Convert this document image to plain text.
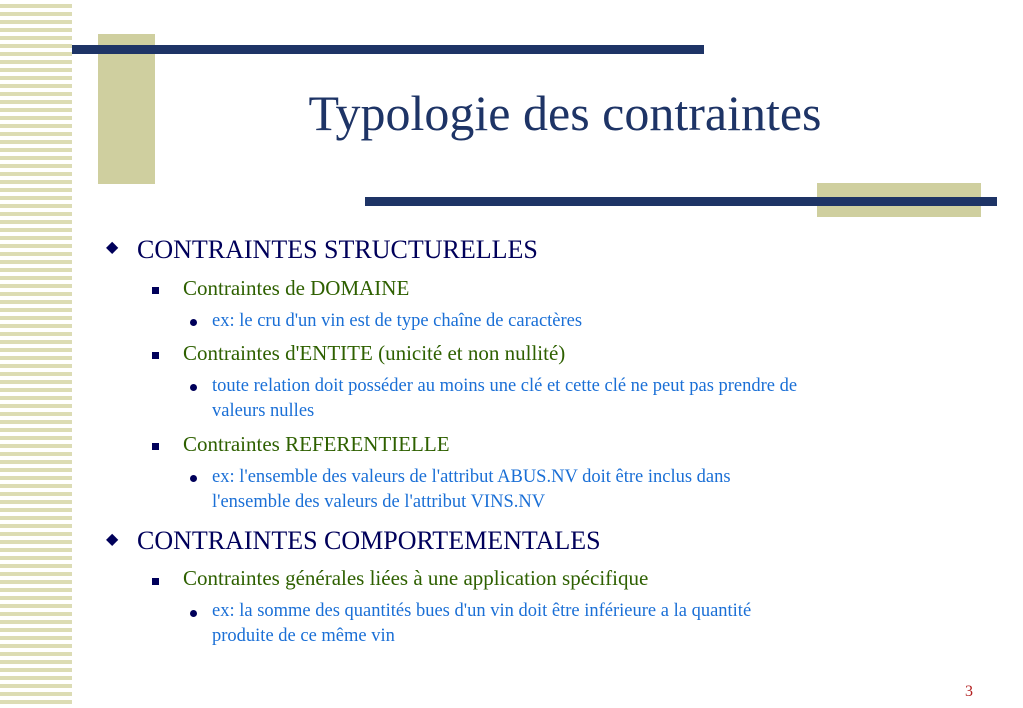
Typologie des contraintes
◆ CONTRAINTES STRUCTURELLES
Contraintes de DOMAINE
ex: le cru d'un vin est de type chaîne de caractères
Contraintes d'ENTITE (unicité et non nullité)
toute relation doit posséder au moins une clé et cette clé ne peut pas prendre de
valeurs nulles
Contraintes REFERENTIELLE
ex: l'ensemble des valeurs de l'attribut ABUS.NV doit être inclus dans
l'ensemble des valeurs de l'attribut VINS.NV
◆ CONTRAINTES COMPORTEMENTALES
Contraintes générales liées à une application spécifique
ex: la somme des quantités bues d'un vin doit être inférieure a la quantité
produite de ce même vin
3
